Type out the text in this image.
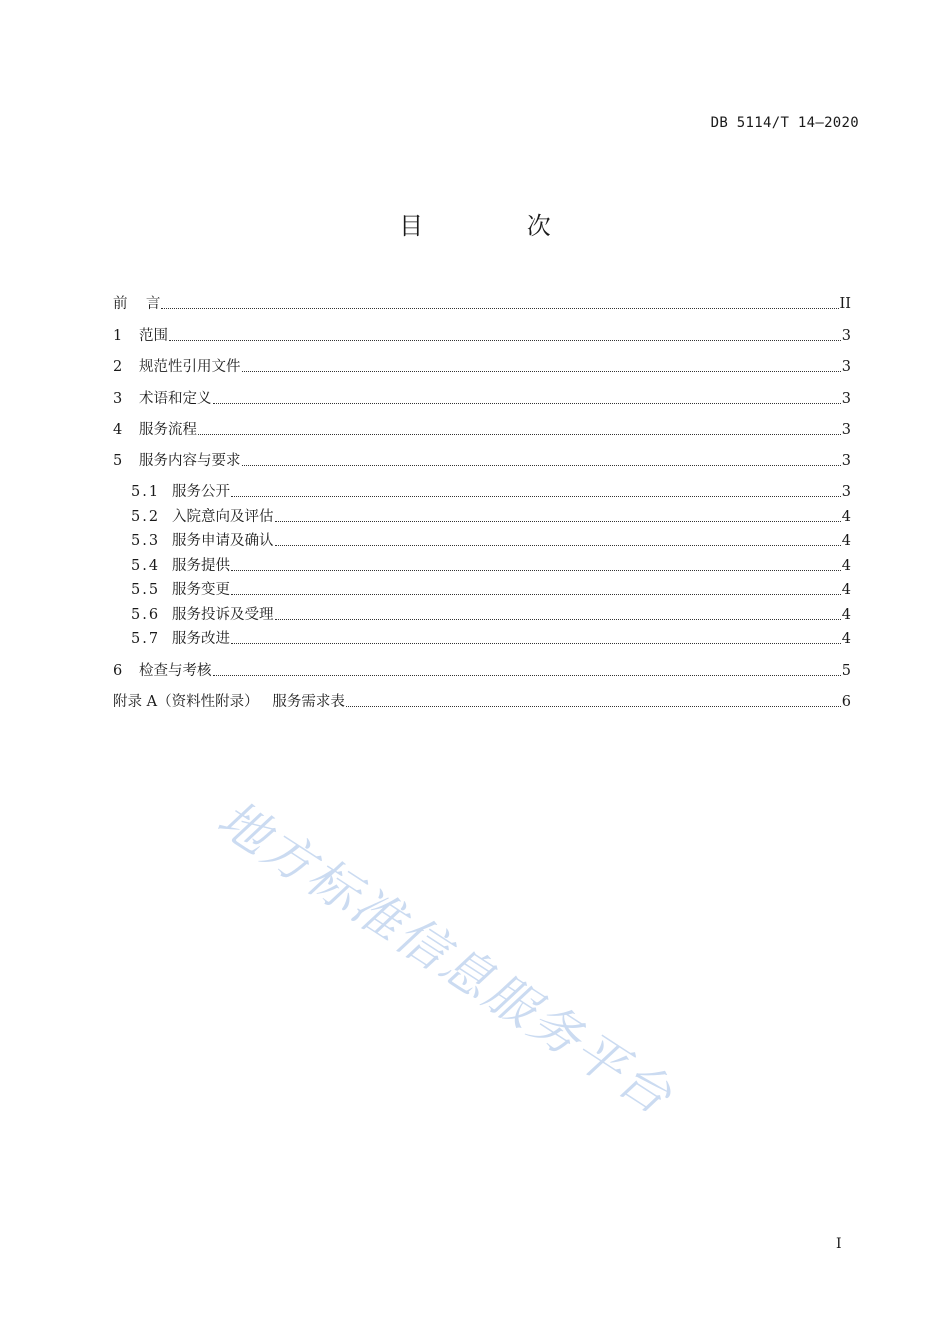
DB 5114/T 14—2020
目 次
前    言	II
1	范围	3
2	规范性引用文件	3
3	术语和定义	3
4	服务流程	3
5	服务内容与要求	3
5.1 服务公开	3
5.2 入院意向及评估	4
5.3 服务申请及确认	4
5.4 服务提供	4
5.5 服务变更	4
5.6 服务投诉及受理	4
5.7 服务改进	4
6	检查与考核	5
附录 A（资料性附录）   服务需求表	6
地方标准信息服务平台
I
